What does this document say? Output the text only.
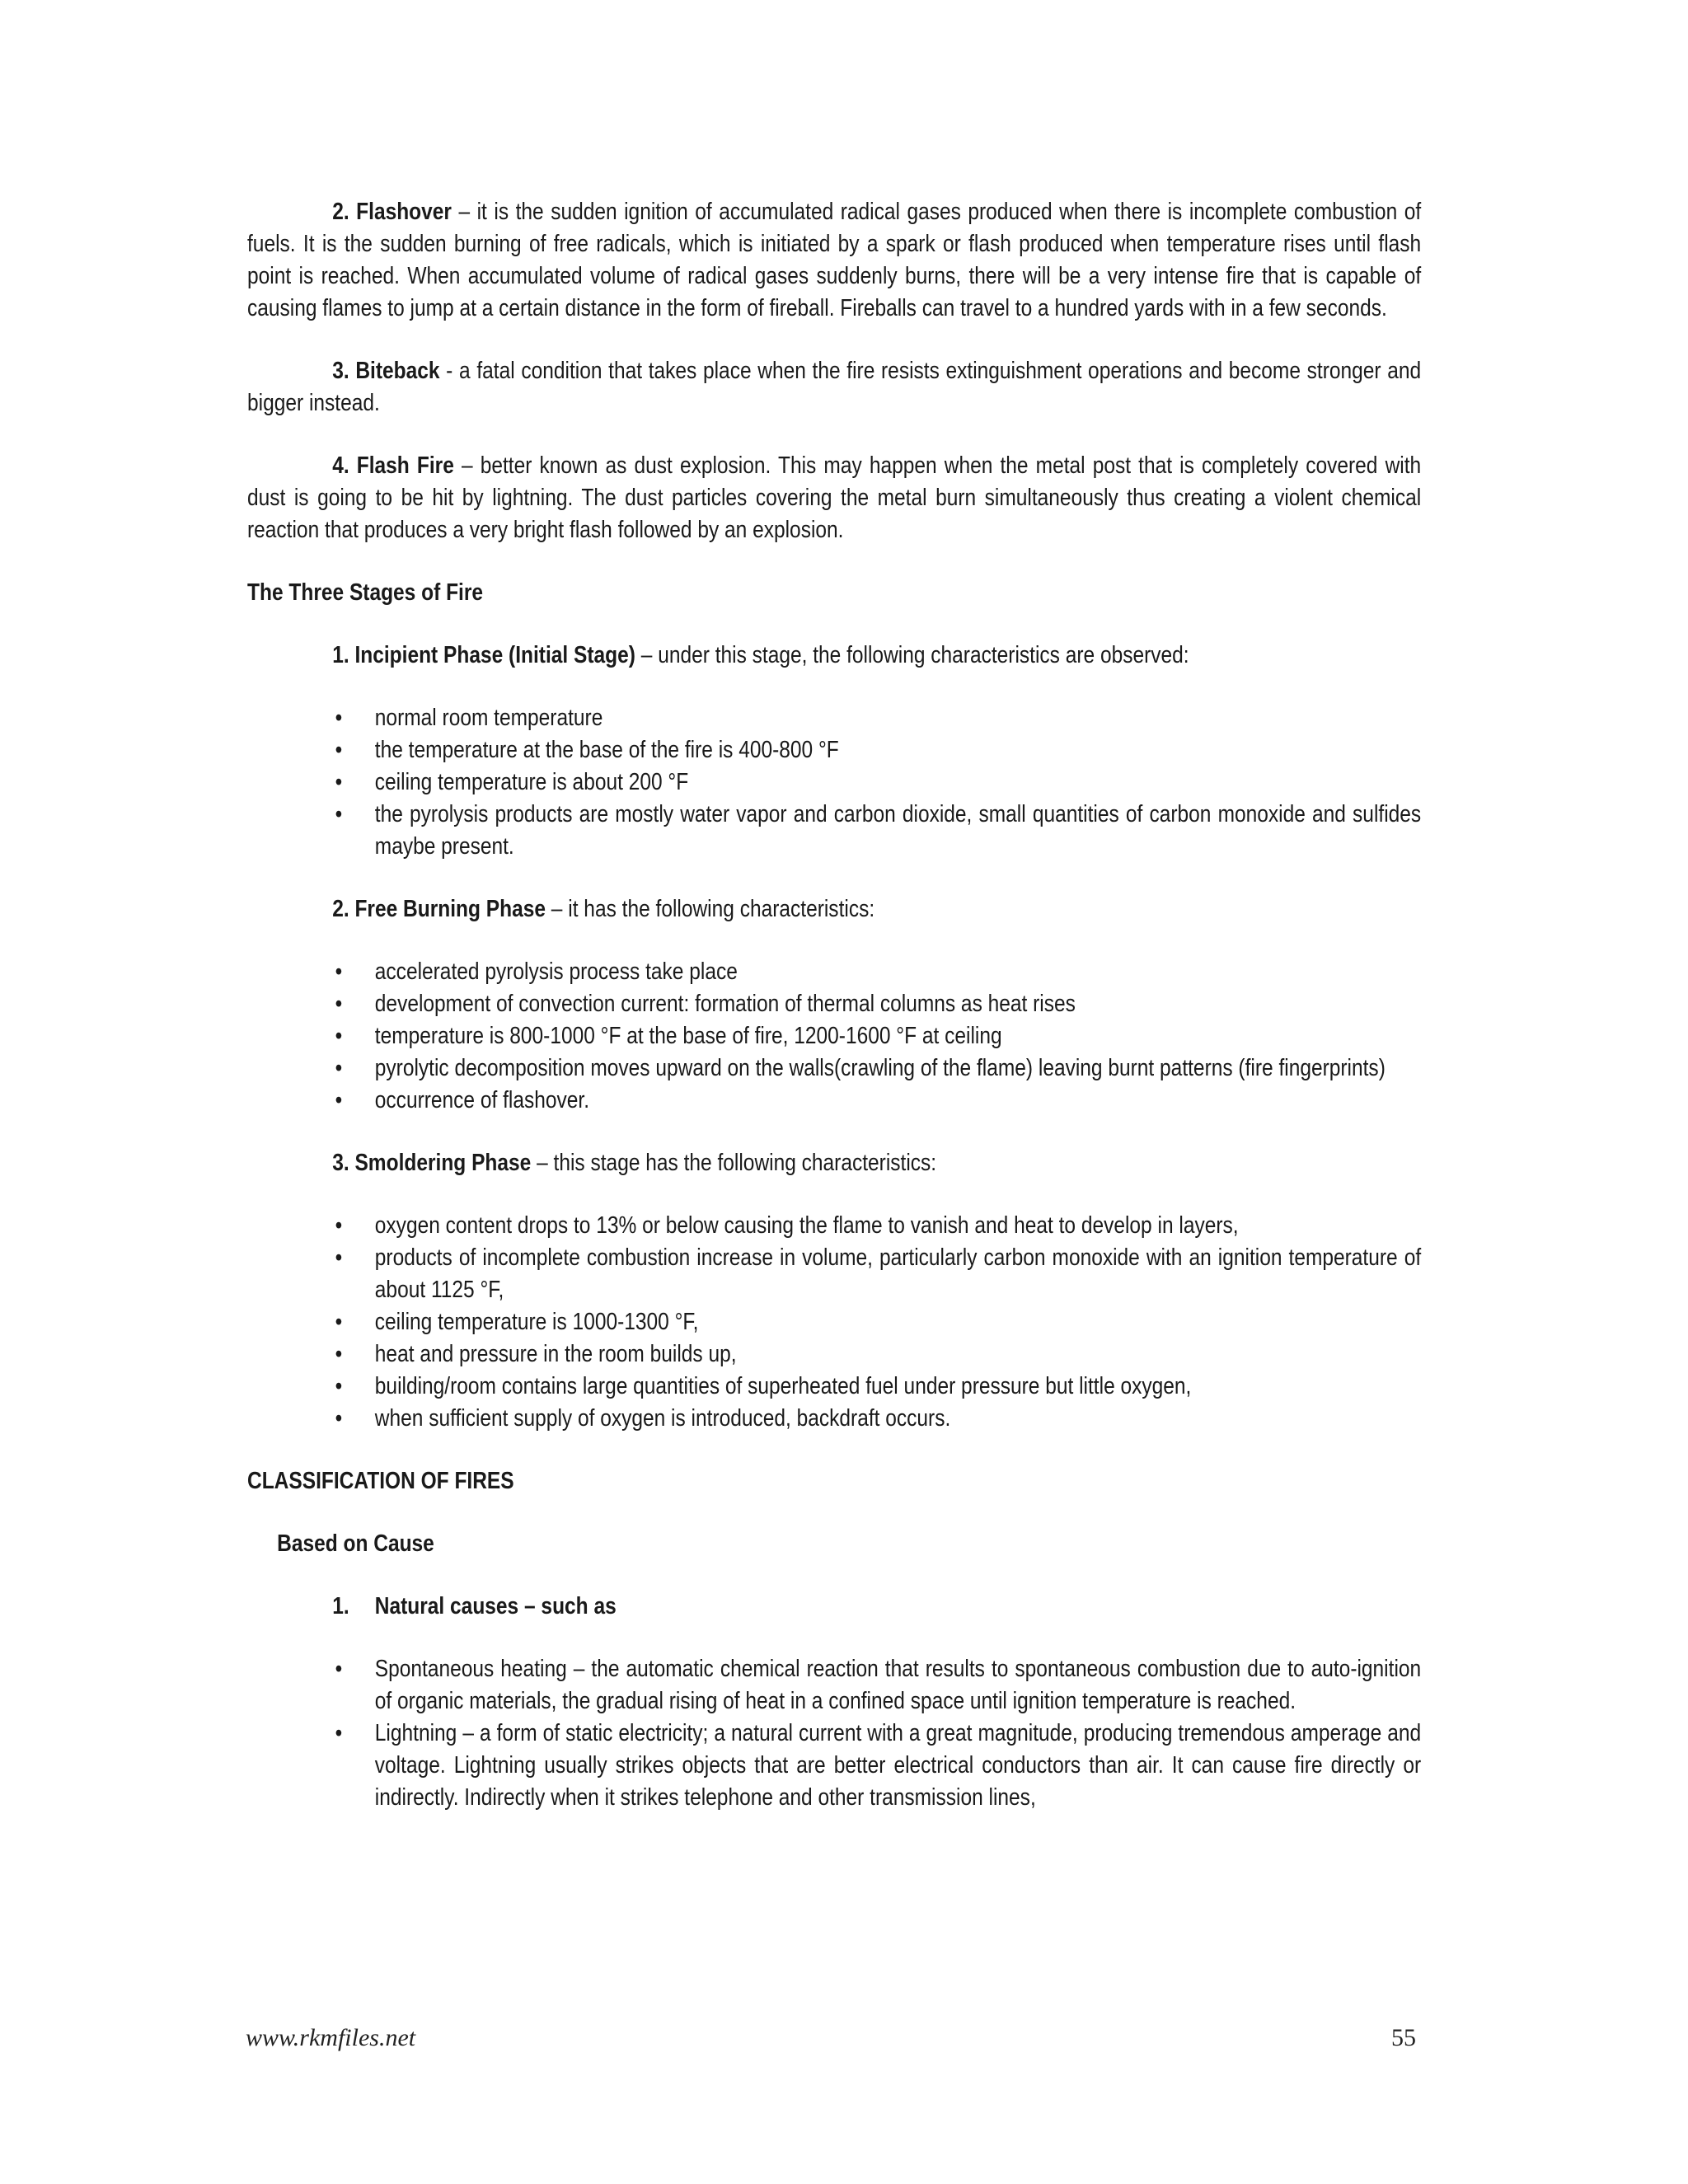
2. Flashover – it is the sudden ignition of accumulated radical gases produced when there is incomplete combustion of fuels. It is the sudden burning of free radicals, which is initiated by a spark or flash produced when temperature rises until flash point is reached. When accumulated volume of radical gases suddenly burns, there will be a very intense fire that is capable of causing flames to jump at a certain distance in the form of fireball. Fireballs can travel to a hundred yards with in a few seconds.

3. Biteback - a fatal condition that takes place when the fire resists extinguishment operations and become stronger and bigger instead.

4. Flash Fire – better known as dust explosion. This may happen when the metal post that is completely covered with dust is going to be hit by lightning. The dust particles covering the metal burn simultaneously thus creating a violent chemical reaction that produces a very bright flash followed by an explosion.

The Three Stages of Fire
1. Incipient Phase (Initial Stage) – under this stage, the following characteristics are observed:
• normal room temperature
• the temperature at the base of the fire is 400-800 °F
• ceiling temperature is about 200 °F
• the pyrolysis products are mostly water vapor and carbon dioxide, small quantities of carbon monoxide and sulfides maybe present.
2. Free Burning Phase – it has the following characteristics:
• accelerated pyrolysis process take place
• development of convection current: formation of thermal columns as heat rises
• temperature is 800-1000 °F at the base of fire, 1200-1600 °F at ceiling
• pyrolytic decomposition moves upward on the walls(crawling of the flame) leaving burnt patterns (fire fingerprints)
• occurrence of flashover.
3. Smoldering Phase – this stage has the following characteristics:
• oxygen content drops to 13% or below causing the flame to vanish and heat to develop in layers,
• products of incomplete combustion increase in volume, particularly carbon monoxide with an ignition temperature of about 1125 °F,
• ceiling temperature is 1000-1300 °F,
• heat and pressure in the room builds up,
• building/room contains large quantities of superheated fuel under pressure but little oxygen,
• when sufficient supply of oxygen is introduced, backdraft occurs.
CLASSIFICATION OF FIRES
Based on Cause
1. Natural causes – such as
• Spontaneous heating – the automatic chemical reaction that results to spontaneous combustion due to auto-ignition of organic materials, the gradual rising of heat in a confined space until ignition temperature is reached.
• Lightning – a form of static electricity; a natural current with a great magnitude, producing tremendous amperage and voltage. Lightning usually strikes objects that are better electrical conductors than air. It can cause fire directly or indirectly. Indirectly when it strikes telephone and other transmission lines,
www.rkmfiles.net	55
